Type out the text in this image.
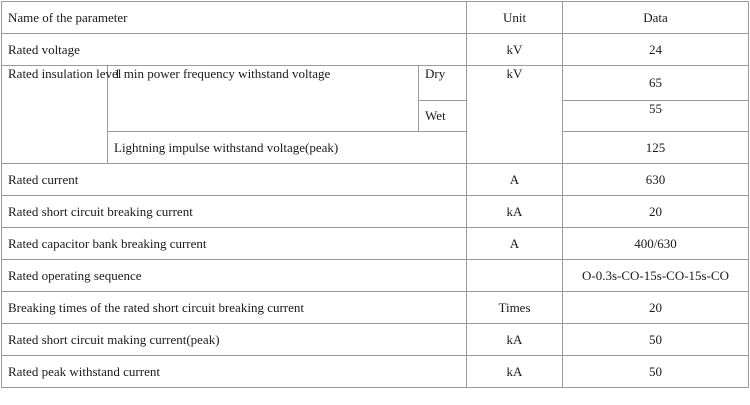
Name of the parameter			Unit	Data
Rated voltage			kV	24

Rated insulation level	1 min power frequency withstand voltage	Dry	kV	65
		Wet		55
	Lightning impulse withstand voltage(peak)			125
Rated current			A	630
Rated short circuit breaking current			kA	20
Rated capacitor bank breaking current			A	400/630
Rated operating sequence				O-0.3s-CO-15s-CO-15s-CO
Breaking times of the rated short circuit breaking current			Times	20
Rated short circuit making current(peak)			kA	50
Rated peak withstand current			kA	50
